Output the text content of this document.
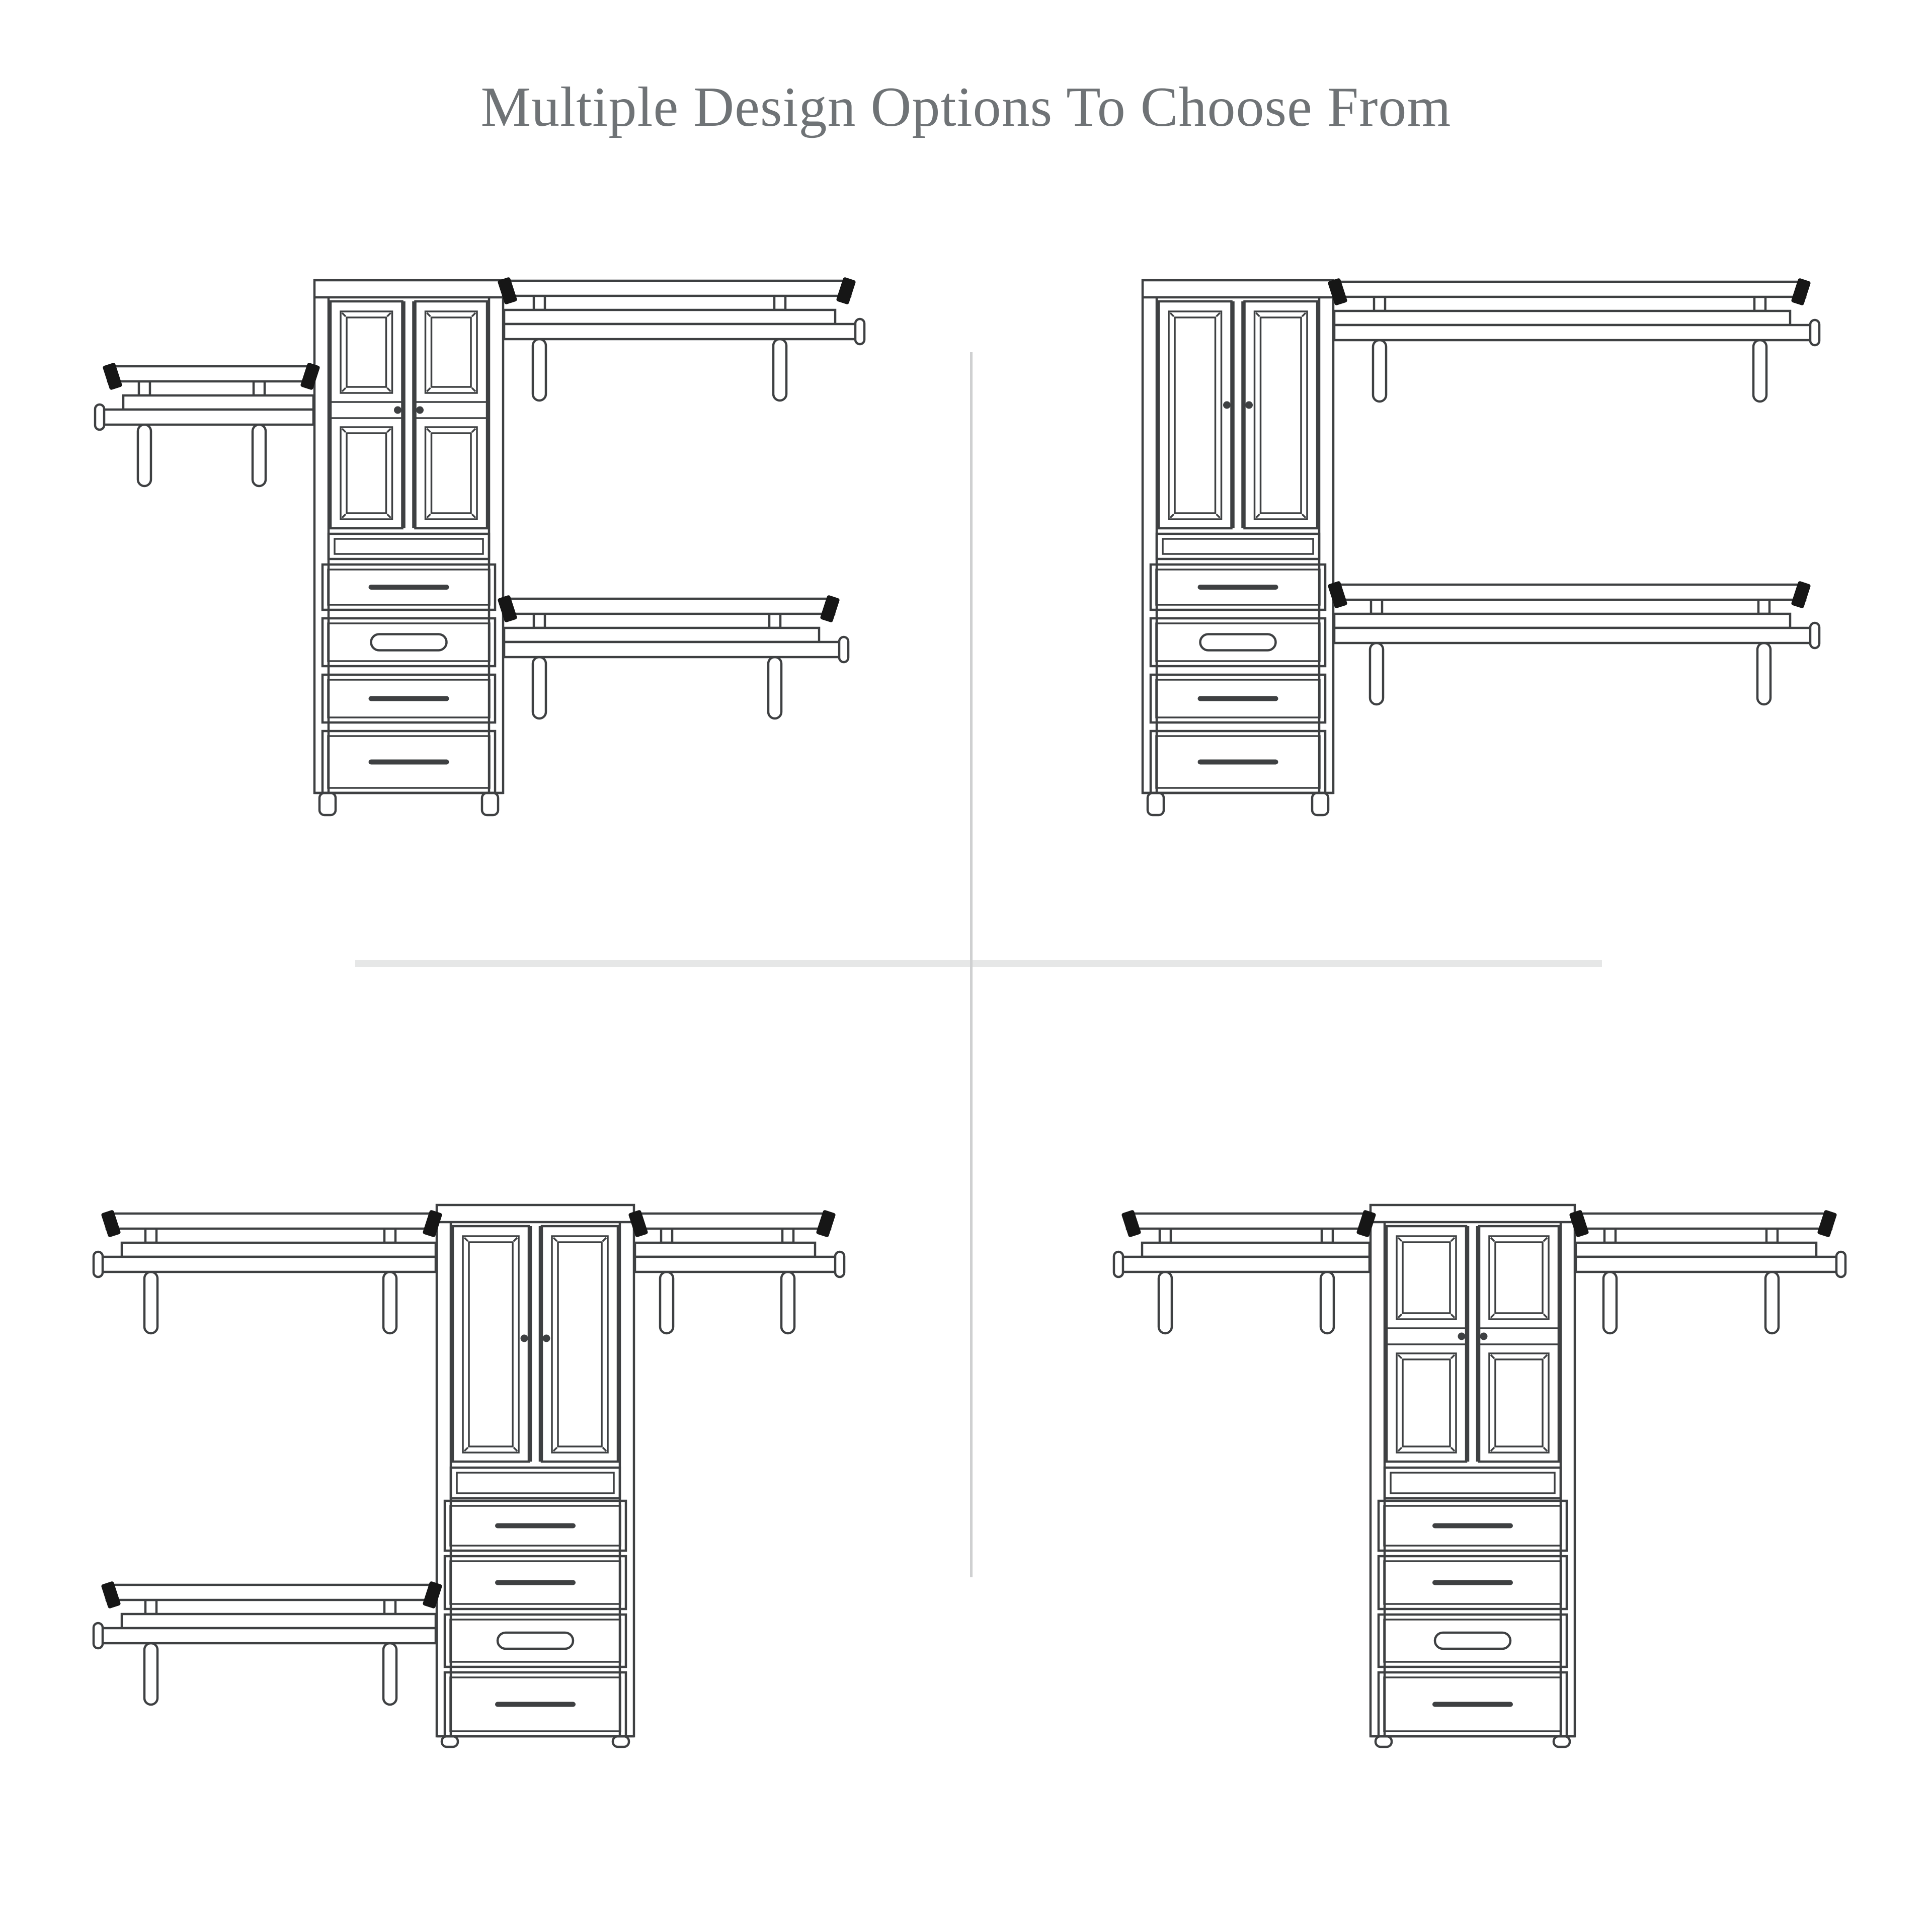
Multiple Design Options To Choose From
